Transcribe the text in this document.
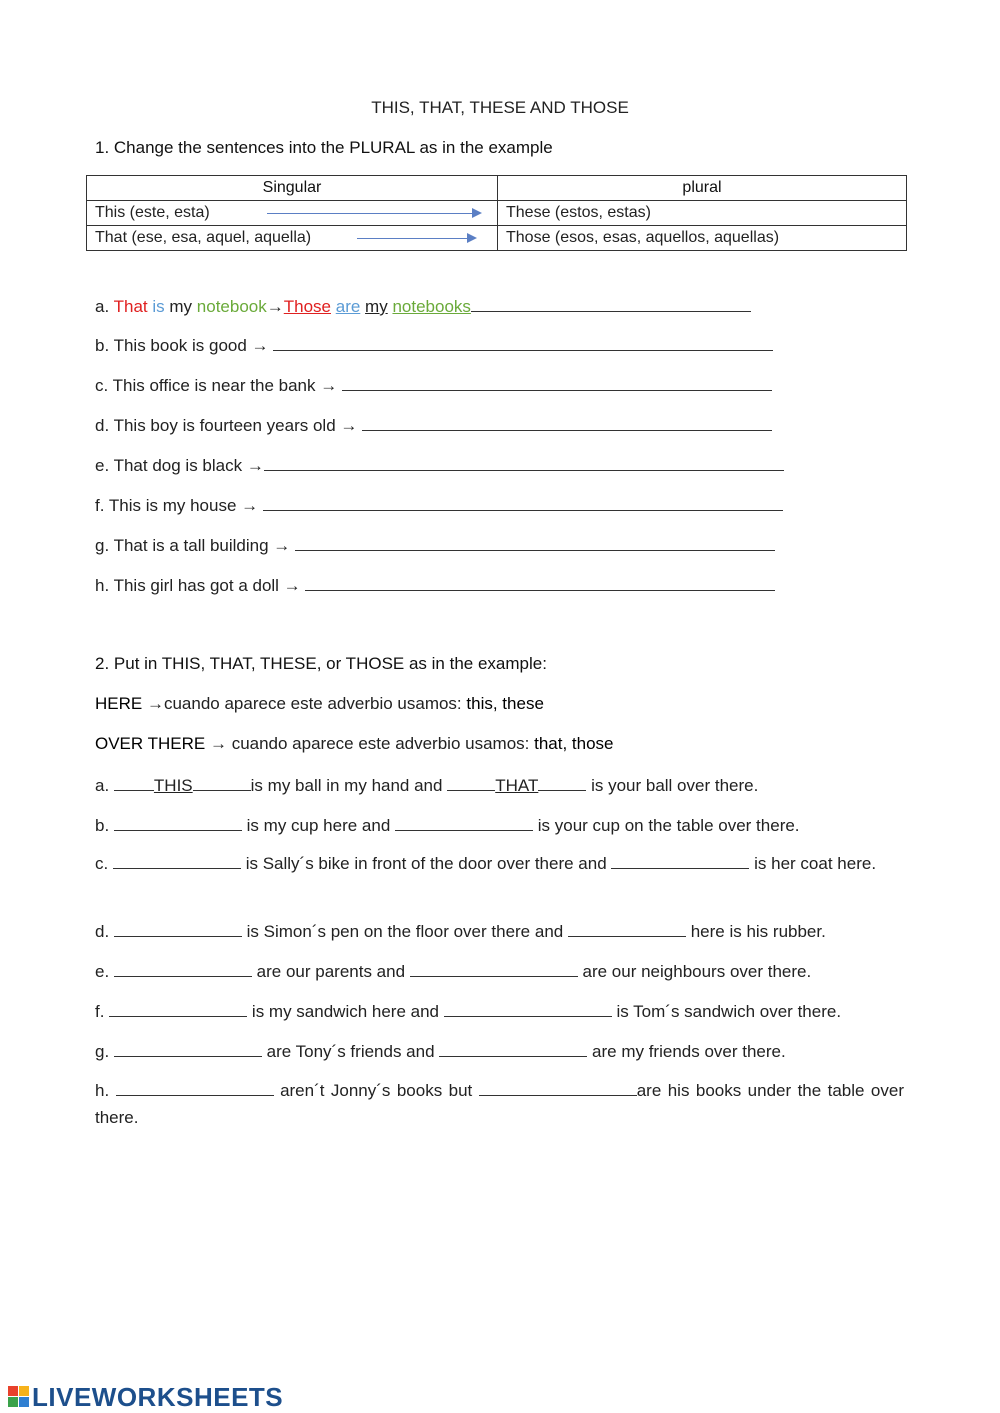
THIS, THAT, THESE AND THOSE
1. Change the sentences into the PLURAL as in the example
Singular	plural
This (este, esta)	These (estos, estas)
That (ese, esa, aquel, aquella)	Those (esos, esas, aquellos, aquellas)
a. That is my notebook→Those are my notebooks
b. This book is good →
c. This office is near the bank →
d. This boy is fourteen years old →
e. That dog is black →
f. This is my house →
g. That is a tall building →
h. This girl has got a doll →
2. Put in THIS, THAT, THESE, or THOSE as in the example:
HERE →cuando aparece este adverbio usamos: this, these
OVER THERE → cuando aparece este adverbio usamos: that, those
a.	THIS	is my ball in my hand and	THAT	is your ball over there.
b.	is my cup here and	is your cup on the table over there.
c.	is Sally´s bike in front of the door over there and	is her coat here.
d.	is Simon´s pen on the floor over there and	here is his rubber.
e.	are our parents and	are our neighbours over there.
f.	is my sandwich here and	is Tom´s sandwich over there.
g.	are Tony´s friends and	are my friends over there.
h.	aren´t Jonny´s books but	are his books under the table over there.
LIVEWORKSHEETS
